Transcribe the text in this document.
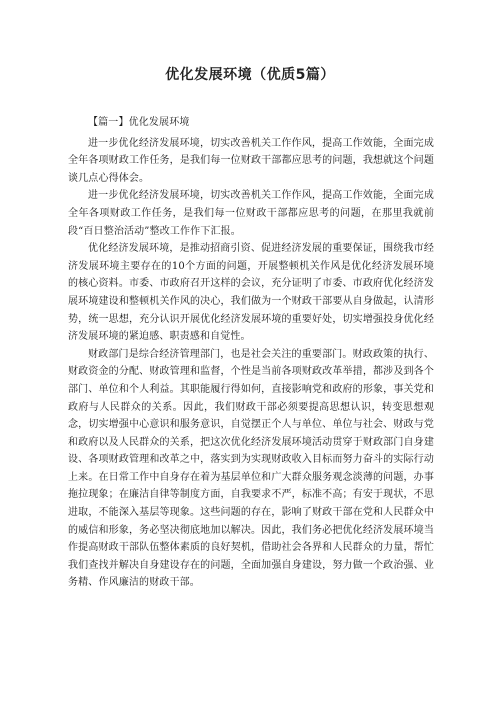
优化发展环境（优质5篇）
【篇一】优化发展环境

进一步优化经济发展环境，切实改善机关工作作风，提高工作效能，全面完成全年各项财政工作任务，是我们每一位财政干部都应思考的问题，我想就这个问题谈几点心得体会。

进一步优化经济发展环境，切实改善机关工作作风，提高工作效能，全面完成全年各项财政工作任务，是我们每一位财政干部都应思考的问题，在那里我就前段“百日整治活动”整改工作作下汇报。

优化经济发展环境，是推动招商引资、促进经济发展的重要保证，围绕我市经济发展环境主要存在的10个方面的问题，开展整顿机关作风是优化经济发展环境的核心资料。市委、市政府召开这样的会议，充分证明了市委、市政府优化经济发展环境建设和整顿机关作风的决心，我们做为一个财政干部要从自身做起，认清形势，统一思想，充分认识开展优化经济发展环境的重要好处，切实增强投身优化经济发展环境的紧迫感、职责感和自觉性。

财政部门是综合经济管理部门，也是社会关注的重要部门。财政政策的执行、财政资金的分配、财政管理和监督，个性是当前各项财政改革举措，都涉及到各个部门、单位和个人利益。其职能履行得如何，直接影响党和政府的形象，事关党和政府与人民群众的关系。因此，我们财政干部必须要提高思想认识，转变思想观念，切实增强中心意识和服务意识，自觉摆正个人与单位、单位与社会、财政与党和政府以及人民群众的关系，把这次优化经济发展环境活动贯穿于财政部门自身建设、各项财政管理和改革之中，落实到为实现财政收入目标而努力奋斗的实际行动上来。在日常工作中自身存在着为基层单位和广大群众服务观念淡薄的问题，办事拖拉现象；在廉洁自律等制度方面，自我要求不严，标准不高；有安于现状，不思进取，不能深入基层等现象。这些问题的存在，影响了财政干部在党和人民群众中的威信和形象，务必坚决彻底地加以解决。因此，我们务必把优化经济发展环境当作提高财政干部队伍整体素质的良好契机，借助社会各界和人民群众的力量，帮忙我们查找并解决自身建设存在的问题，全面加强自身建设，努力做一个政治强、业务精、作风廉洁的财政干部。
